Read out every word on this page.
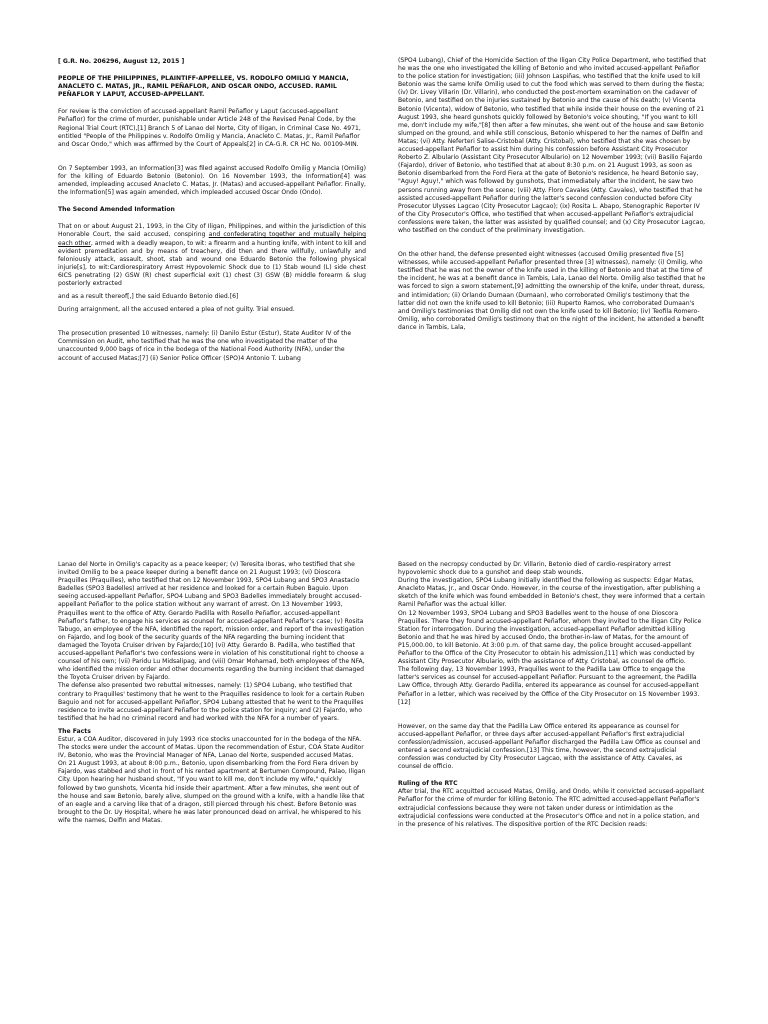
[ G.R. No. 206296, August 12, 2015 ]

PEOPLE OF THE PHILIPPINES, PLAINTIFF-APPELLEE, VS. RODOLFO OMILIG Y MANCIA, ANACLETO C. MATAS, JR., RAMIL PEÑAFLOR, AND OSCAR ONDO, ACCUSED. RAMIL PEÑAFLOR Y LAPUT, ACCUSED-APPELLANT.

For review is the conviction of accused-appellant Ramil Peñaflor y Laput (accused-appellant Peñaflor) for the crime of murder, punishable under Article 248 of the Revised Penal Code, by the Regional Trial Court (RTC),[1] Branch 5 of Lanao del Norte, City of Iligan, in Criminal Case No. 4971, entitled "People of the Philippines v. Rodolfo Omilig y Mancia, Anacleto C. Matas, Jr., Ramil Peñaflor and Oscar Ondo," which was affirmed by the Court of Appeals[2] in CA-G.R. CR HC No. 00109-MIN.

On 7 September 1993, an Information[3] was filed against accused Rodolfo Omilig y Mancia (Omilig) for the killing of Eduardo Betonio (Betonio). On 16 November 1993, the Information[4] was amended, impleading accused Anacleto C. Matas, Jr. (Matas) and accused-appellant Peñaflor. Finally, the Information[5] was again amended, which impleaded accused Oscar Ondo (Ondo).

The Second Amended Information

That on or about August 21, 1993, in the City of Iligan, Philippines, and within the jurisdiction of this Honorable Court, the said accused, conspiring and confederating together and mutually helping each other, armed with a deadly weapon, to wit: a firearm and a hunting knife, with intent to kill and evident premeditation and by means of treachery, did then and there willfully, unlawfully and feloniously attack, assault, shoot, stab and wound one Eduardo Betonio the following physical injurie[s], to wit:Cardiorespiratory Arrest Hypovolemic Shock due to (1) Stab wound (L) side chest 6ICS penetrating (2) GSW (R) chest superficial exit (1) chest (3) GSW (B) middle forearm & slug posteriorly extracted

and as a result thereof[,] the said Eduardo Betonio died.[6]

During arraignment, all the accused entered a plea of not guilty. Trial ensued.

The prosecution presented 10 witnesses, namely: (i) Danilo Estur (Estur), State Auditor IV of the Commission on Audit, who testified that he was the one who investigated the matter of the unaccounted 9,000 bags of rice in the bodega of the National Food Authority (NFA), under the account of accused Matas;[7] (ii) Senior Police Officer (SPO)4 Antonio T. Lubang

(SPO4 Lubang), Chief of the Homicide Section of the Iligan City Police Department, who testified that he was the one who investigated the killing of Betonio and who invited accused-appellant Peñaflor to the police station for investigation; (iii) Johnson Laspiñas, who testified that the knife used to kill Betonio was the same knife Omilig used to cut the food which was served to them during the fiesta; (iv) Dr. Livey Villarin (Dr. Villarin), who conducted the post-mortem examination on the cadaver of Betonio, and testified on the injuries sustained by Betonio and the cause of his death; (v) Vicenta Betonio (Vicenta), widow of Betonio, who testified that while inside their house on the evening of 21 August 1993, she heard gunshots quickly followed by Betonio's voice shouting, "If you want to kill me, don't include my wife,"[8] then after a few minutes, she went out of the house and saw Betonio slumped on the ground, and while still conscious, Betonio whispered to her the names of Delfin and Matas; (vi) Atty. Neferteri Salise-Cristobal (Atty. Cristobal), who testified that she was chosen by accused-appellant Peñaflor to assist him during his confession before Assistant City Prosecutor Roberto Z. Albulario (Assistant City Prosecutor Albulario) on 12 November 1993; (vii) Basilio Fajardo (Fajardo), driver of Betonio, who testified that at about 8:30 p.m. on 21 August 1993, as soon as Betonio disembarked from the Ford Fiera at the gate of Betonio's residence, he heard Betonio say, "Aguy! Aguy!," which was followed by gunshots, that immediately after the incident, he saw two persons running away from the scene; (viii) Atty. Floro Cavales (Atty. Cavales), who testified that he assisted accused-appellant Peñaflor during the latter's second confession conducted before City Prosecutor Ulysses Lagcao (City Prosecutor Lagcao); (ix) Rosita L. Abapo, Stenographic Reporter IV of the City Prosecutor's Office, who testified that when accused-appellant Peñaflor's extrajudicial confessions were taken, the latter was assisted by qualified counsel; and (x) City Prosecutor Lagcao, who testified on the conduct of the preliminary investigation.

On the other hand, the defense presented eight witnesses (accused Omilig presented five [5] witnesses, while accused-appellant Peñaflor presented three [3] witnesses), namely: (i) Omilig, who testified that he was not the owner of the knife used in the killing of Betonio and that at the time of the incident, he was at a benefit dance in Tambis, Lala, Lanao del Norte. Omilig also testified that he was forced to sign a sworn statement,[9] admitting the ownership of the knife, under threat, duress, and intimidation; (ii) Orlando Dumaan (Dumaan), who corroborated Omilig's testimony that the latter did not own the knife used to kill Betonio; (iii) Ruperto Ramos, who corroborated Dumaan's and Omilig's testimonies that Omilig did not own the knife used to kill Betonio; (iv) Teofila Romero-Omilig, who corroborated Omilig's testimony that on the night of the incident, he attended a benefit dance in Tambis, Lala,

Lanao del Norte in Omilig's capacity as a peace keeper; (v) Teresita Iboras, who testified that she invited Omilig to be a peace keeper during a benefit dance on 21 August 1993; (vi) Dioscora Praquilles (Praquilles), who testified that on 12 November 1993, SPO4 Lubang and SPO3 Anastacio Badelles (SPO3 Badelles) arrived at her residence and looked for a certain Ruben Baguio. Upon seeing accused-appellant Peñaflor, SPO4 Lubang and SPO3 Badelles immediately brought accused-appellant Peñaflor to the police station without any warrant of arrest. On 13 November 1993, Praquilles went to the office of Atty. Gerardo Padilla with Rosello Peñaflor, accused-appellant Peñaflor's father, to engage his services as counsel for accused-appellant Peñaflor's case; (v) Rosita Tabugo, an employee of the NFA, identified the report, mission order, and report of the investigation on Fajardo, and log book of the security guards of the NFA regarding the burning incident that damaged the Toyota Cruiser driven by Fajardo;[10] (vi) Atty. Gerardo B. Padilla, who testified that accused-appellant Peñaflor's two confessions were in violation of his constitutional right to choose a counsel of his own; (vii) Paridu Lu Midsalipag, and (viii) Omar Mohamad, both employees of the NFA, who identified the mission order and other documents regarding the burning incident that damaged the Toyota Cruiser driven by Fajardo.

The defense also presented two rebuttal witnesses, namely: (1) SPO4 Lubang, who testified that contrary to Praquilles' testimony that he went to the Praquilles residence to look for a certain Ruben Baguio and not for accused-appellant Peñaflor, SPO4 Lubang attested that he went to the Praquilles residence to invite accused-appellant Peñaflor to the police station for inquiry; and (2) Fajardo, who testified that he had no criminal record and had worked with the NFA for a number of years.

The Facts

Estur, a COA Auditor, discovered in July 1993 rice stocks unaccounted for in the bodega of the NFA. The stocks were under the account of Matas. Upon the recommendation of Estur, COA State Auditor IV, Betonio, who was the Provincial Manager of NFA, Lanao del Norte, suspended accused Matas.

On 21 August 1993, at about 8:00 p.m., Betonio, upon disembarking from the Ford Fiera driven by Fajardo, was stabbed and shot in front of his rented apartment at Bertumen Compound, Palao, Iligan City. Upon hearing her husband shout, "If you want to kill me, don't include my wife," quickly followed by two gunshots, Vicenta hid inside their apartment. After a few minutes, she went out of the house and saw Betonio, barely alive, slumped on the ground with a knife, with a handle like that of an eagle and a carving like that of a dragon, still pierced through his chest. Before Betonio was brought to the Dr. Uy Hospital, where he was later pronounced dead on arrival, he whispered to his wife the names, Delfin and Matas.

Based on the necropsy conducted by Dr. Villarin, Betonio died of cardio-respiratory arrest hypovolemic shock due to a gunshot and deep stab wounds.

During the investigation, SPO4 Lubang initially identified the following as suspects: Edgar Matas, Anacleto Matas, Jr., and Oscar Ondo. However, in the course of the investigation, after publishing a sketch of the knife which was found embedded in Betonio's chest, they were informed that a certain Ramil Peñaflor was the actual killer.

On 12 November 1993, SPO4 Lubang and SPO3 Badelles went to the house of one Dioscora Praquilles. There they found accused-appellant Peñaflor, whom they invited to the Iligan City Police Station for interrogation. During the investigation, accused-appellant Peñaflor admitted killing Betonio and that he was hired by accused Ondo, the brother-in-law of Matas, for the amount of P15,000.00, to kill Betonio. At 3:00 p.m. of that same day, the police brought accused-appellant Peñaflor to the Office of the City Prosecutor to obtain his admission,[11] which was conducted by Assistant City Prosecutor Albulario, with the assistance of Atty. Cristobal, as counsel de officio.

The following day, 13 November 1993, Praquilles went to the Padilla Law Office to engage the latter's services as counsel for accused-appellant Peñaflor. Pursuant to the agreement, the Padilla Law Office, through Atty. Gerardo Padilla, entered its appearance as counsel for accused-appellant Peñaflor in a letter, which was received by the Office of the City Prosecutor on 15 November 1993.[12]

However, on the same day that the Padilla Law Office entered its appearance as counsel for accused-appellant Peñaflor, or three days after accused-appellant Peñaflor's first extrajudicial confession/admission, accused-appellant Peñaflor discharged the Padilla Law Office as counsel and entered a second extrajudicial confession.[13] This time, however, the second extrajudicial confession was conducted by City Prosecutor Lagcao, with the assistance of Atty. Cavales, as counsel de officio.

Ruling of the RTC

After trial, the RTC acquitted accused Matas, Omilig, and Ondo, while it convicted accused-appellant Peñaflor for the crime of murder for killing Betonio. The RTC admitted accused-appellant Peñaflor's extrajudicial confessions because they were not taken under duress or intimidation as the extrajudicial confessions were conducted at the Prosecutor's Office and not in a police station, and in the presence of his relatives. The dispositive portion of the RTC Decision reads:
